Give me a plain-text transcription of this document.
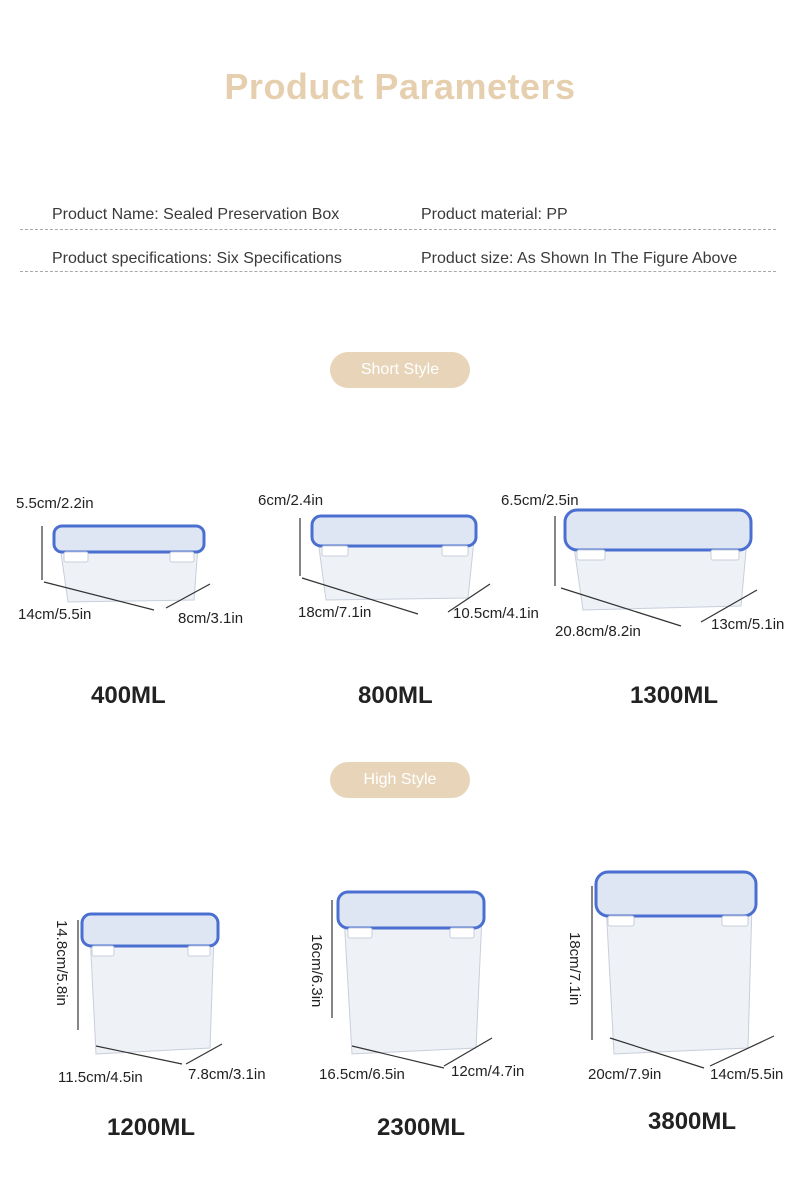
Product Parameters
Product Name: Sealed Preservation Box	Product material: PP
Product specifications: Six Specifications	Product size: As Shown In The Figure Above
Short Style
5.5cm/2.2in
14cm/5.5in	8cm/3.1in
400ML
6cm/2.4in
18cm/7.1in	10.5cm/4.1in
800ML
6.5cm/2.5in
20.8cm/8.2in	13cm/5.1in
1300ML
High Style
14.8cm/5.8in
11.5cm/4.5in	7.8cm/3.1in
1200ML
16cm/6.3in
16.5cm/6.5in	12cm/4.7in
2300ML
18cm/7.1in
20cm/7.9in	14cm/5.5in
3800ML
